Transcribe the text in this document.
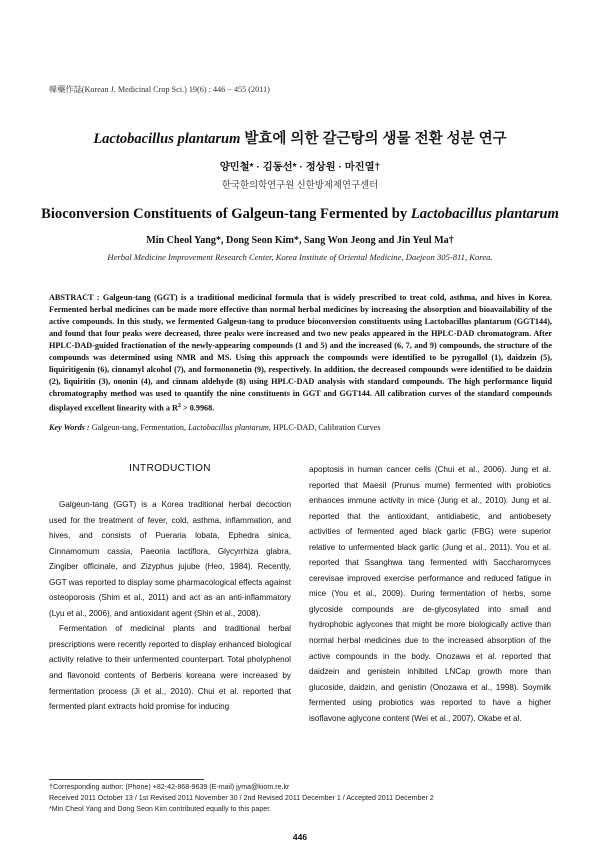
韓藥作誌(Korean J. Medicinal Crop Sci.) 19(6) : 446 − 455 (2011)
Lactobacillus plantarum 발효에 의한 갈근탕의 생물 전환 성분 연구
양민철* · 김동선* · 정상원 · 마진열†
한국한의학연구원 신한방제제연구센터
Bioconversion Constituents of Galgeun-tang Fermented by Lactobacillus plantarum
Min Cheol Yang*, Dong Seon Kim*, Sang Won Jeong and Jin Yeul Ma†
Herbal Medicine Improvement Research Center, Korea Institute of Oriental Medicine, Daejeon 305-811, Korea.
ABSTRACT : Galgeun-tang (GGT) is a traditional medicinal formula that is widely prescribed to treat cold, asthma, and hives in Korea. Fermented herbal medicines can be made more effective than normal herbal medicines by increasing the absorption and bioavailability of the active compounds. In this study, we fermented Galgeun-tang to produce bioconversion constituents using Lactobacillus plantarum (GGT144), and found that four peaks were decreased, three peaks were increased and two new peaks appeared in the HPLC-DAD chromatogram. After HPLC-DAD-guided fractionation of the newly-appearing compounds (1 and 5) and the increased (6, 7, and 9) compounds, the structure of the compounds was determined using NMR and MS. Using this approach the compounds were identified to be pyrogallol (1), daidzein (5), liquiritigenin (6), cinnamyl alcohol (7), and formononetin (9), respectively. In addition, the decreased compounds were identified to be daidzin (2), liquiritin (3), ononin (4), and cinnam aldehyde (8) using HPLC-DAD analysis with standard compounds. The high performance liquid chromatography method was used to quantify the nine constituents in GGT and GGT144. All calibration curves of the standard compounds displayed excellent linearity with a $R^2 > 0.9968$.
Key Words : Galgeun-tang, Fermentation, Lactobacillus plantarum, HPLC-DAD, Calibration Curves
INTRODUCTION

Galgeun-tang (GGT) is a Korea traditional herbal decoction used for the treatment of fever, cold, asthma, inflammation, and hives, and consists of Pueraria lobata, Ephedra sinica, Cinnamomum cassia, Paeonia lactiflora, Glycyrrhiza glabra, Zingiber officinale, and Zizyphus jujube (Heo, 1984). Recently, GGT was reported to display some pharmacological effects against osteoporosis (Shim et al., 2011) and act as an anti-inflammatory (Lyu et al., 2006), and antioxidant agent (Shin et al., 2008).

Fermentation of medicinal plants and traditional herbal prescriptions were recently reported to display enhanced biological activity relative to their unfermented counterpart. Total pholyphenol and flavonoid contents of Berberis koreana were increased by fermentation process (Ji et al., 2010). Chui et al. reported that fermented plant extracts hold promise for inducing

apoptosis in human cancer cells (Chui et al., 2006). Jung et al. reported that Maesil (Prunus mume) fermented with probiotics enhances immune activity in mice (Jung et al., 2010). Jung et al. reported that the antioxidant, antidiabetic, and antiobesety activities of fermented aged black garlic (FBG) were superior relative to unfermented black garlic (Jung et al., 2011). You et al. reported that Ssanghwa tang fermented with Saccharomyces cerevisae improved exercise performance and reduced fatigue in mice (You et al., 2009). During fermentation of herbs, some glycoside compounds are de-glycosylated into small and hydrophobic aglycones that might be more biologically active than normal herbal medicines due to the increased absorption of the active compounds in the body. Onozawa et al. reported that daidzein and genistein inhibited LNCap growth more than glucoside, daidzin, and genistin (Onozawa et al., 1998). Soymilk fermented using probiotics was reported to have a higher isoflavone aglycone content (Wei et al., 2007). Okabe et al.

†Corresponding author: (Phone) +82-42-868-9639 (E-mail) jyma@kiom.re.kr

Received 2011 October 13 / 1st Revised 2011 November 30 / 2nd Revised 2011 December 1 / Accepted 2011 December 2

*Min Cheol Yang and Dong Seon Kim contributed equally to this paper.

446
